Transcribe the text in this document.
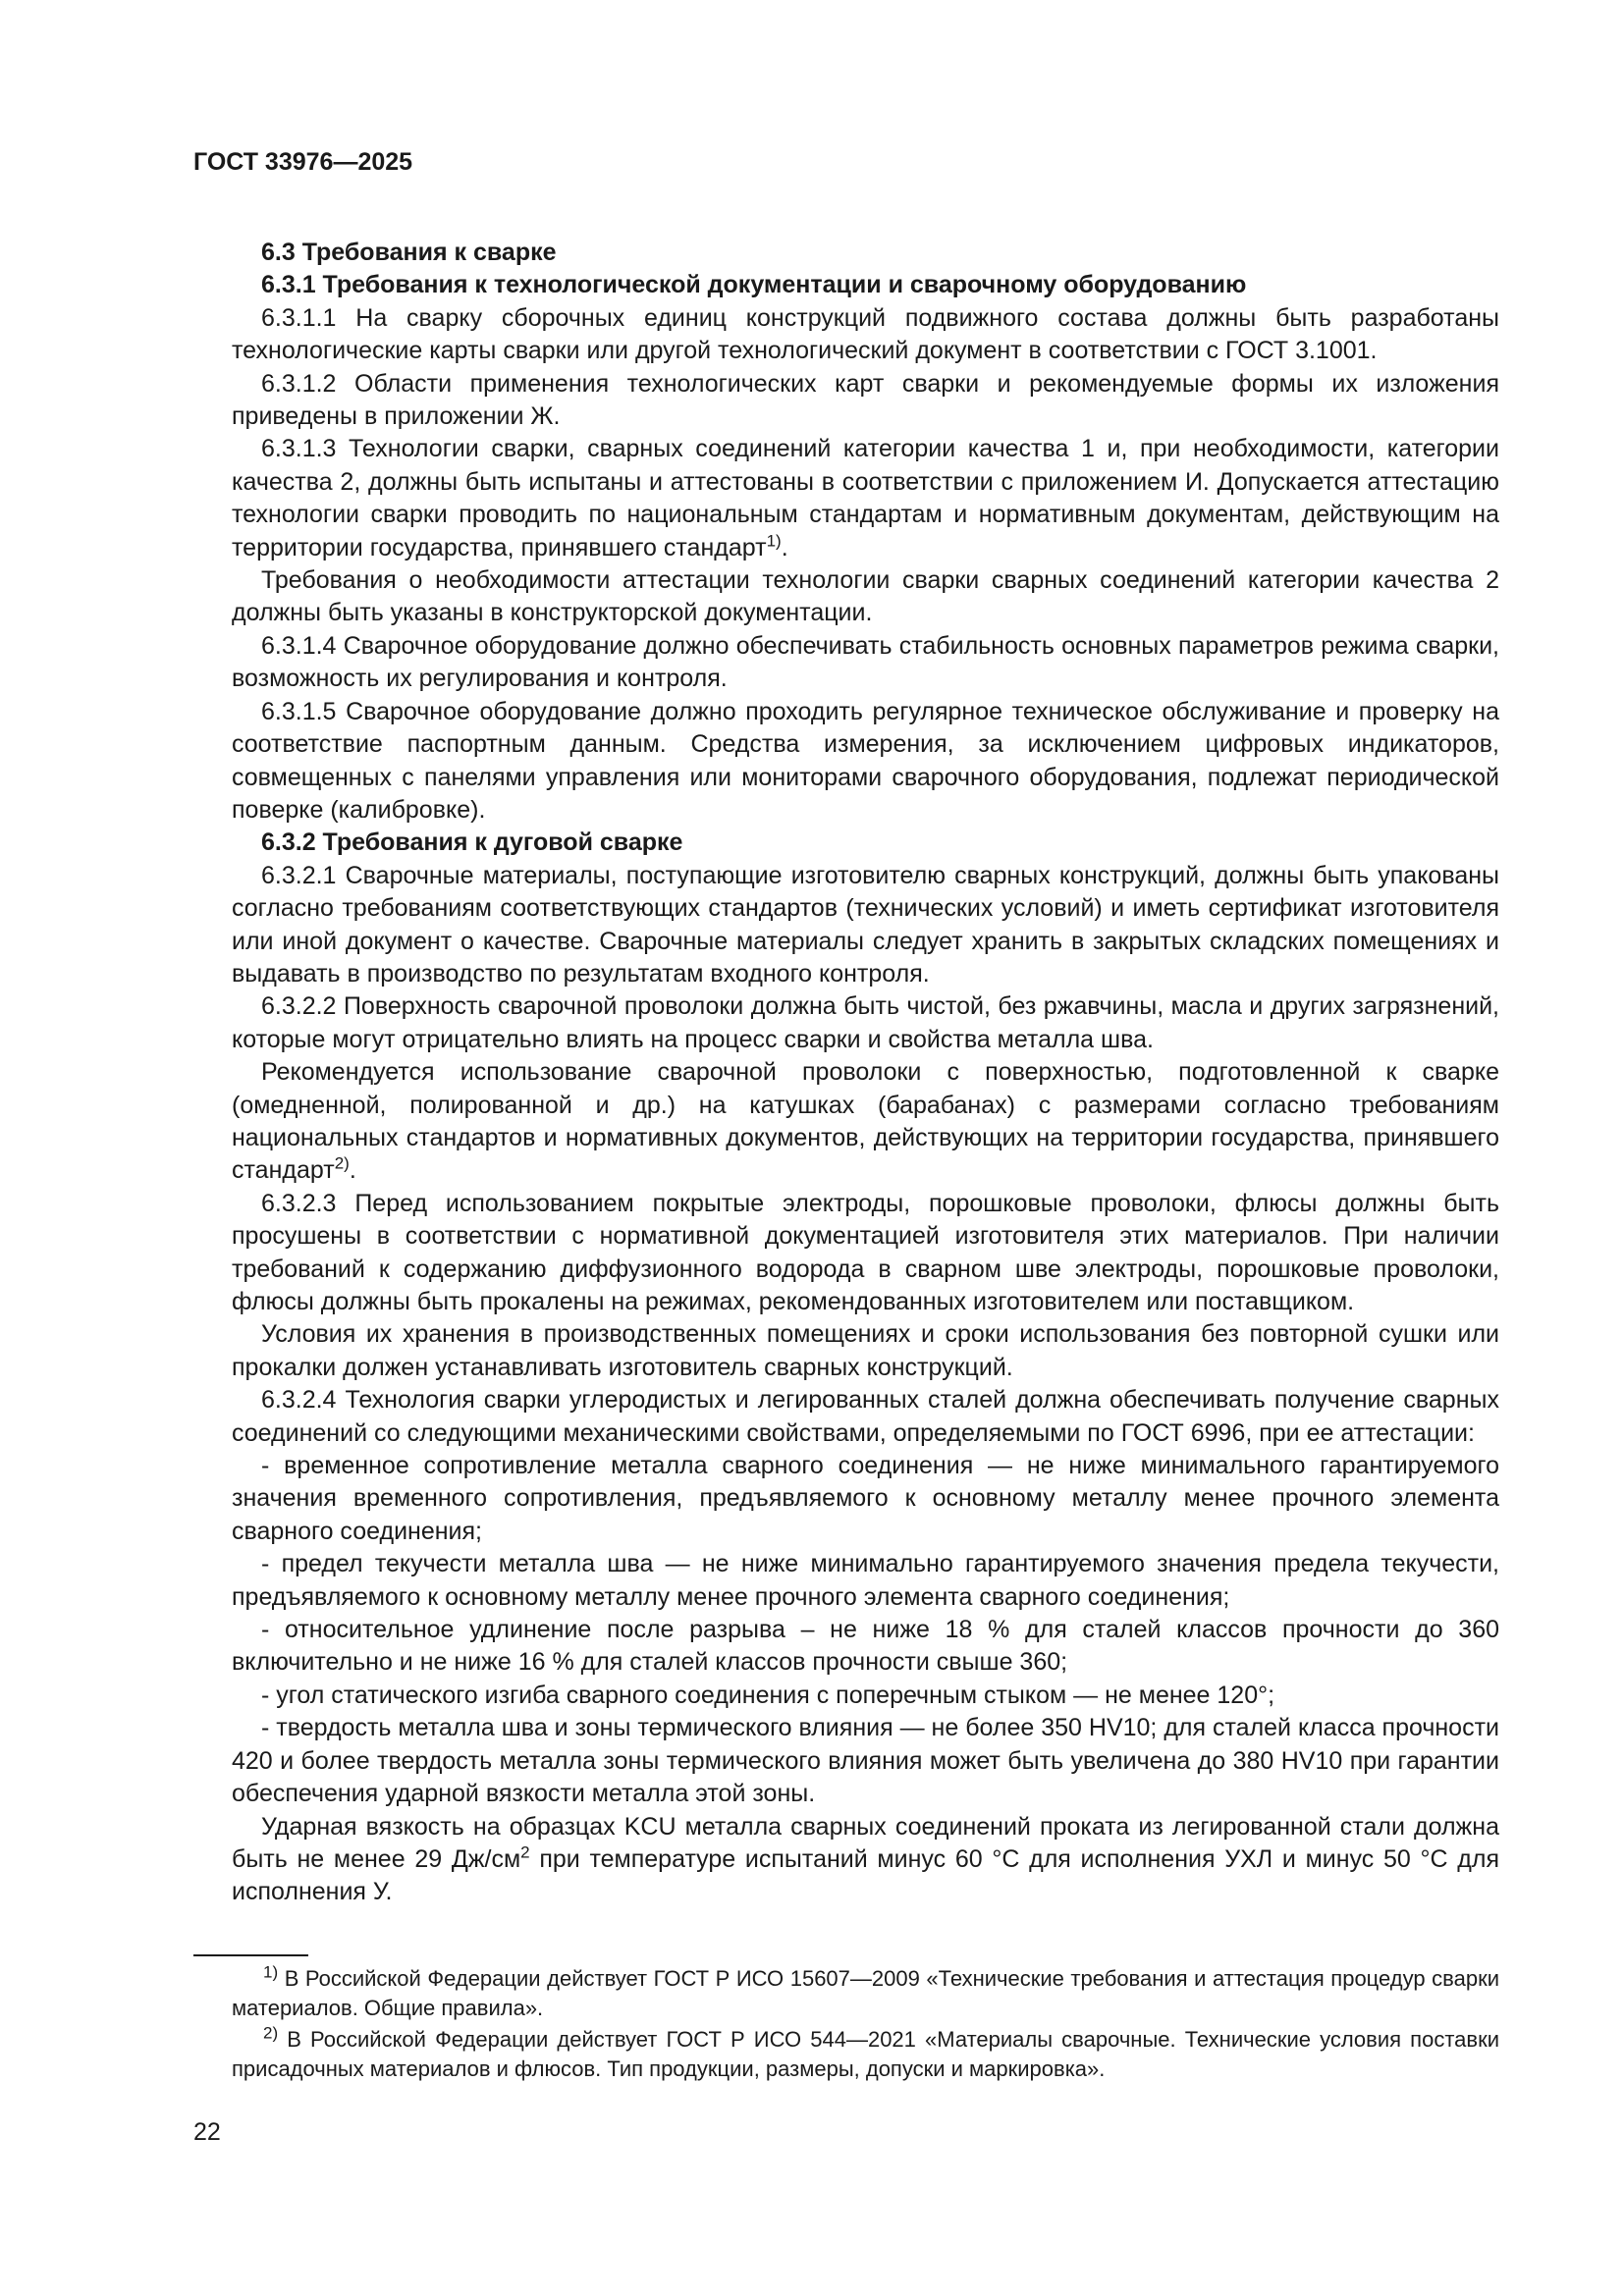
ГОСТ 33976—2025

6.3 Требования к сварке

6.3.1 Требования к технологической документации и сварочному оборудованию

6.3.1.1 На сварку сборочных единиц конструкций подвижного состава должны быть разработаны технологические карты сварки или другой технологический документ в соответствии с ГОСТ 3.1001.

6.3.1.2 Области применения технологических карт сварки и рекомендуемые формы их изложения приведены в приложении Ж.

6.3.1.3 Технологии сварки, сварных соединений категории качества 1 и, при необходимости, категории качества 2, должны быть испытаны и аттестованы в соответствии с приложением И. Допускается аттестацию технологии сварки проводить по национальным стандартам и нормативным документам, действующим на территории государства, принявшего стандарт$^{1)}$.

Требования о необходимости аттестации технологии сварки сварных соединений категории качества 2 должны быть указаны в конструкторской документации.

6.3.1.4 Сварочное оборудование должно обеспечивать стабильность основных параметров режима сварки, возможность их регулирования и контроля.

6.3.1.5 Сварочное оборудование должно проходить регулярное техническое обслуживание и проверку на соответствие паспортным данным. Средства измерения, за исключением цифровых индикаторов, совмещенных с панелями управления или мониторами сварочного оборудования, подлежат периодической поверке (калибровке).

6.3.2 Требования к дуговой сварке

6.3.2.1 Сварочные материалы, поступающие изготовителю сварных конструкций, должны быть упакованы согласно требованиям соответствующих стандартов (технических условий) и иметь сертификат изготовителя или иной документ о качестве. Сварочные материалы следует хранить в закрытых складских помещениях и выдавать в производство по результатам входного контроля.

6.3.2.2 Поверхность сварочной проволоки должна быть чистой, без ржавчины, масла и других загрязнений, которые могут отрицательно влиять на процесс сварки и свойства металла шва.

Рекомендуется использование сварочной проволоки с поверхностью, подготовленной к сварке (омедненной, полированной и др.) на катушках (барабанах) с размерами согласно требованиям национальных стандартов и нормативных документов, действующих на территории государства, принявшего стандарт$^{2)}$.

6.3.2.3 Перед использованием покрытые электроды, порошковые проволоки, флюсы должны быть просушены в соответствии с нормативной документацией изготовителя этих материалов. При наличии требований к содержанию диффузионного водорода в сварном шве электроды, порошковые проволоки, флюсы должны быть прокалены на режимах, рекомендованных изготовителем или поставщиком.

Условия их хранения в производственных помещениях и сроки использования без повторной сушки или прокалки должен устанавливать изготовитель сварных конструкций.

6.3.2.4 Технология сварки углеродистых и легированных сталей должна обеспечивать получение сварных соединений со следующими механическими свойствами, определяемыми по ГОСТ 6996, при ее аттестации:

- временное сопротивление металла сварного соединения — не ниже минимального гарантируемого значения временного сопротивления, предъявляемого к основному металлу менее прочного элемента сварного соединения;

- предел текучести металла шва — не ниже минимально гарантируемого значения предела текучести, предъявляемого к основному металлу менее прочного элемента сварного соединения;

- относительное удлинение после разрыва – не ниже 18 % для сталей классов прочности до 360 включительно и не ниже 16 % для сталей классов прочности свыше 360;

- угол статического изгиба сварного соединения с поперечным стыком — не менее 120°;

- твердость металла шва и зоны термического влияния — не более 350 HV10; для сталей класса прочности 420 и более твердость металла зоны термического влияния может быть увеличена до 380 HV10 при гарантии обеспечения ударной вязкости металла этой зоны.

Ударная вязкость на образцах KCU металла сварных соединений проката из легированной стали должна быть не менее 29 $Дж/см^2$ при температуре испытаний минус 60 °С для исполнения УХЛ и минус 50 °С для исполнения У.

$^{1)}$ В Российской Федерации действует ГОСТ Р ИСО 15607—2009 «Технические требования и аттестация процедур сварки материалов. Общие правила».

$^{2)}$ В Российской Федерации действует ГОСТ Р ИСО 544—2021 «Материалы сварочные. Технические условия поставки присадочных материалов и флюсов. Тип продукции, размеры, допуски и маркировка».

22
